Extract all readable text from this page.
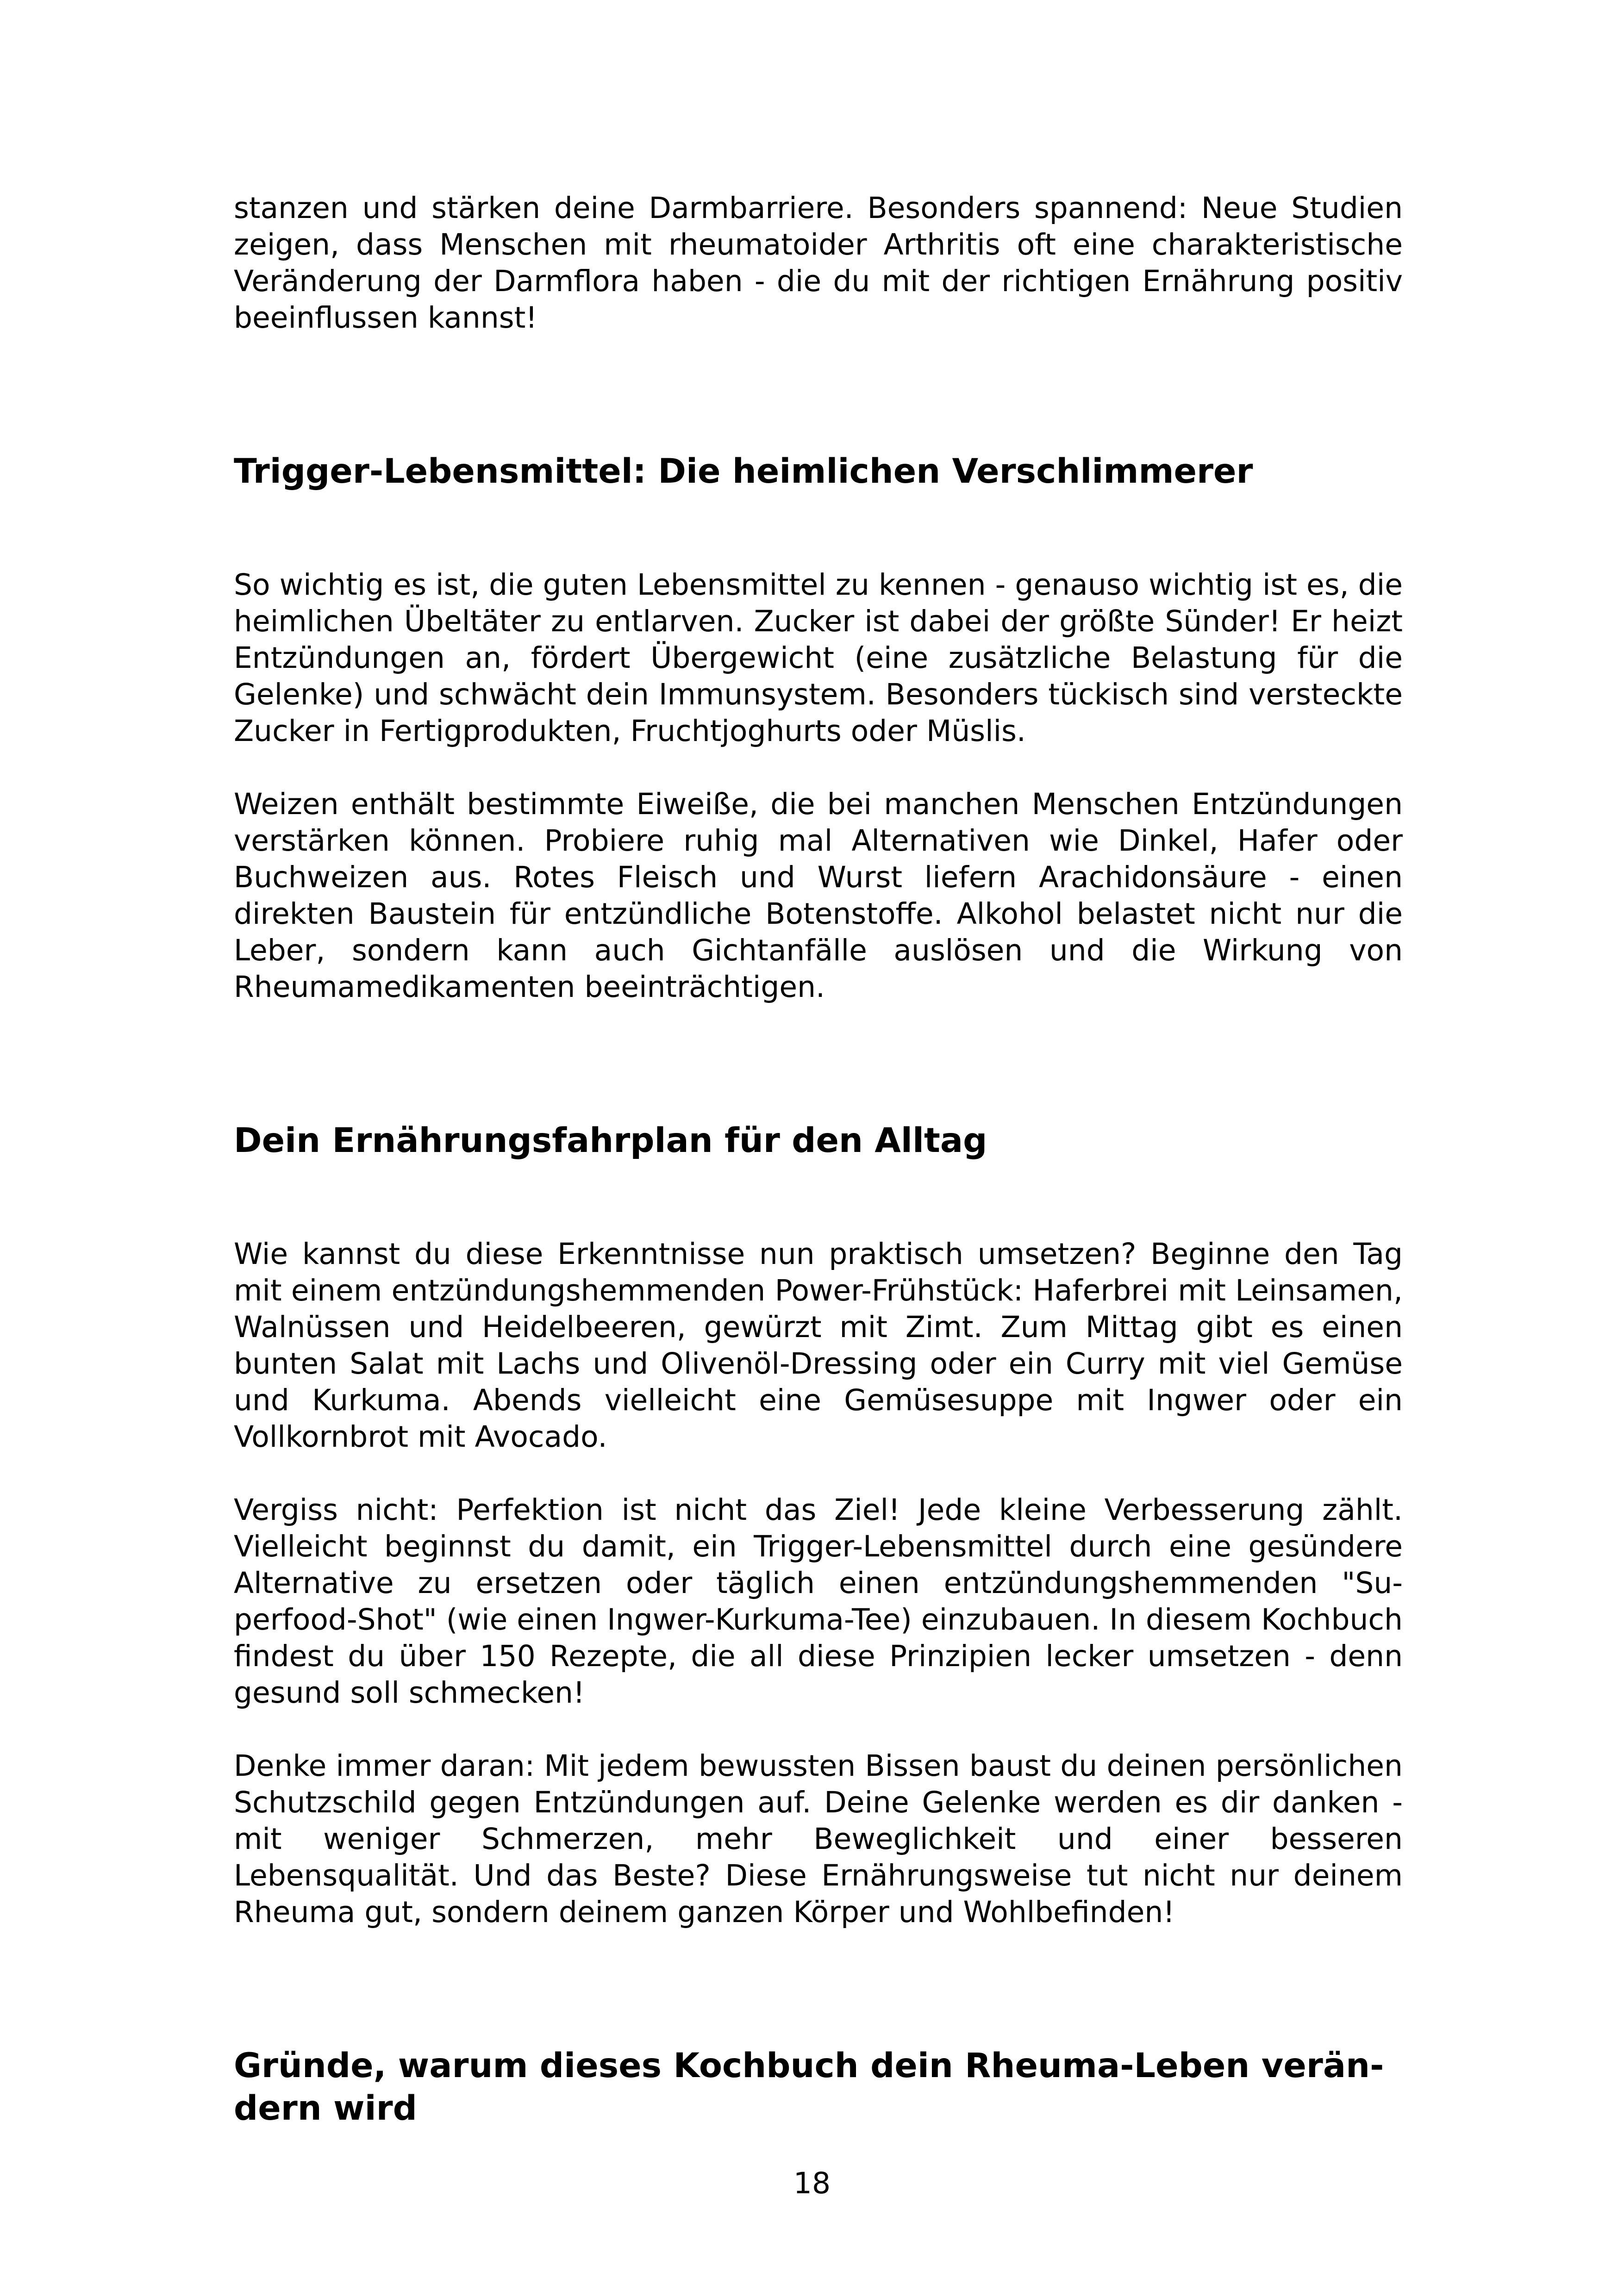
stanzen und stärken deine Darmbarriere. Besonders spannend: Neue Studien zeigen, dass Menschen mit rheumatoider Arthritis oft eine charakteristische Veränderung der Darmflora haben - die du mit der richtigen Ernährung positiv beeinflussen kannst!

Trigger-Lebensmittel: Die heimlichen Verschlimmerer

So wichtig es ist, die guten Lebensmittel zu kennen - genauso wichtig ist es, die heimlichen Übeltäter zu entlarven. Zucker ist dabei der größte Sünder! Er heizt Entzündungen an, fördert Übergewicht (eine zusätzliche Belastung für die Gelenke) und schwächt dein Immunsystem. Besonders tückisch sind versteckte Zucker in Fertigprodukten, Fruchtjoghurts oder Müslis.

Weizen enthält bestimmte Eiweiße, die bei manchen Menschen Entzündungen verstärken können. Probiere ruhig mal Alternativen wie Dinkel, Hafer oder Buchweizen aus. Rotes Fleisch und Wurst liefern Arachidonsäure - einen direkten Baustein für entzündliche Botenstoffe. Alkohol belastet nicht nur die Leber, sondern kann auch Gichtanfälle auslösen und die Wirkung von Rheumamedikamenten beeinträchtigen.

Dein Ernährungsfahrplan für den Alltag

Wie kannst du diese Erkenntnisse nun praktisch umsetzen? Beginne den Tag mit einem entzündungshemmenden Power-Frühstück: Haferbrei mit Leinsamen, Walnüssen und Heidelbeeren, gewürzt mit Zimt. Zum Mittag gibt es einen bunten Salat mit Lachs und Olivenöl-Dressing oder ein Curry mit viel Gemüse und Kurkuma. Abends vielleicht eine Gemüsesuppe mit Ingwer oder ein Vollkornbrot mit Avocado.

Vergiss nicht: Perfektion ist nicht das Ziel! Jede kleine Verbesserung zählt. Vielleicht beginnst du damit, ein Trigger-Lebensmittel durch eine gesündere Alternative zu ersetzen oder täglich einen entzündungshemmenden "Superfood-Shot" (wie einen Ingwer-Kurkuma-Tee) einzubauen. In diesem Kochbuch findest du über 150 Rezepte, die all diese Prinzipien lecker umsetzen - denn gesund soll schmecken!

Denke immer daran: Mit jedem bewussten Bissen baust du deinen persönlichen Schutzschild gegen Entzündungen auf. Deine Gelenke werden es dir danken - mit weniger Schmerzen, mehr Beweglichkeit und einer besseren Lebensqualität. Und das Beste? Diese Ernährungsweise tut nicht nur deinem Rheuma gut, sondern deinem ganzen Körper und Wohlbefinden!

Gründe, warum dieses Kochbuch dein Rheuma-Leben verändern wird
18
